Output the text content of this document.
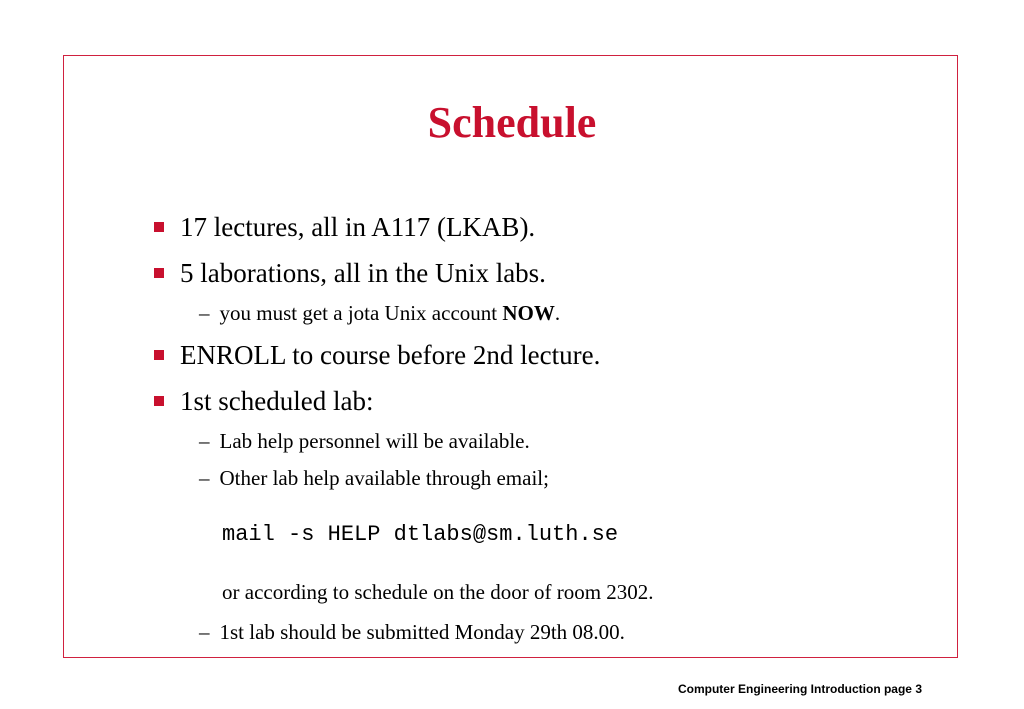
Schedule
17 lectures, all in A117 (LKAB).
5 laborations, all in the Unix labs.
– you must get a jota Unix account NOW.
ENROLL to course before 2nd lecture.
1st scheduled lab:
– Lab help personnel will be available.
– Other lab help available through email;
mail -s HELP dtlabs@sm.luth.se
or according to schedule on the door of room 2302.
– 1st lab should be submitted Monday 29th 08.00.
Computer Engineering Introduction page 3
